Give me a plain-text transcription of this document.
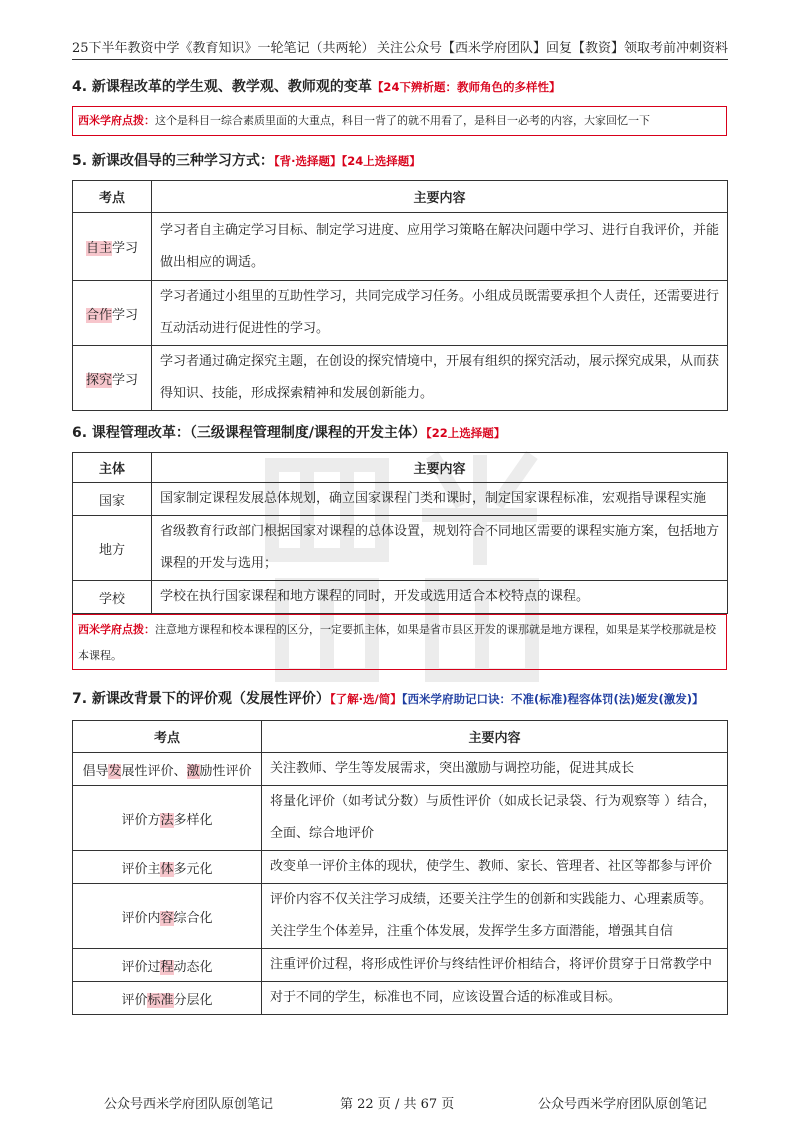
25下半年教资中学《教育知识》一轮笔记（共两轮） 关注公众号【西米学府团队】回复【教资】领取考前冲刺资料
4. 新课程改革的学生观、教学观、教师观的变革【24下辨析题：教师角色的多样性】
西米学府点拨：这个是科目一综合素质里面的大重点，科目一背了的就不用看了，是科目一必考的内容，大家回忆一下
5. 新课改倡导的三种学习方式：【背·选择题】【24上选择题】
考点	主要内容
自主学习	学习者自主确定学习目标、制定学习进度、应用学习策略在解决问题中学习、进行自我评价，并能做出相应的调适。
合作学习	学习者通过小组里的互助性学习，共同完成学习任务。小组成员既需要承担个人责任，还需要进行互动活动进行促进性的学习。
探究学习	学习者通过确定探究主题，在创设的探究情境中，开展有组织的探究活动，展示探究成果，从而获得知识、技能，形成探索精神和发展创新能力。
6. 课程管理改革：（三级课程管理制度/课程的开发主体）【22上选择题】
主体	主要内容
国家	国家制定课程发展总体规划，确立国家课程门类和课时，制定国家课程标准，宏观指导课程实施
地方	省级教育行政部门根据国家对课程的总体设置，规划符合不同地区需要的课程实施方案，包括地方课程的开发与选用；
学校	学校在执行国家课程和地方课程的同时，开发或选用适合本校特点的课程。
西米学府点拨：注意地方课程和校本课程的区分，一定要抓主体，如果是省市县区开发的课那就是地方课程，如果是某学校那就是校本课程。
7. 新课改背景下的评价观（发展性评价）【了解·选/简】【西米学府助记口诀：不准(标准)程容体罚(法)姬发(激发)】
考点	主要内容
倡导发展性评价、激励性评价	关注教师、学生等发展需求，突出激励与调控功能，促进其成长
评价方法多样化	将量化评价（如考试分数）与质性评价（如成长记录袋、行为观察等 ）结合，全面、综合地评价
评价主体多元化	改变单一评价主体的现状，使学生、教师、家长、管理者、社区等都参与评价
评价内容综合化	评价内容不仅关注学习成绩，还要关注学生的创新和实践能力、心理素质等。关注学生个体差异，注重个体发展，发挥学生多方面潜能，增强其自信
评价过程动态化	注重评价过程，将形成性评价与终结性评价相结合，将评价贯穿于日常教学中
评价标准分层化	对于不同的学生，标准也不同，应该设置合适的标准或目标。
公众号西米学府团队原创笔记	第 22 页 / 共 67 页	公众号西米学府团队原创笔记
